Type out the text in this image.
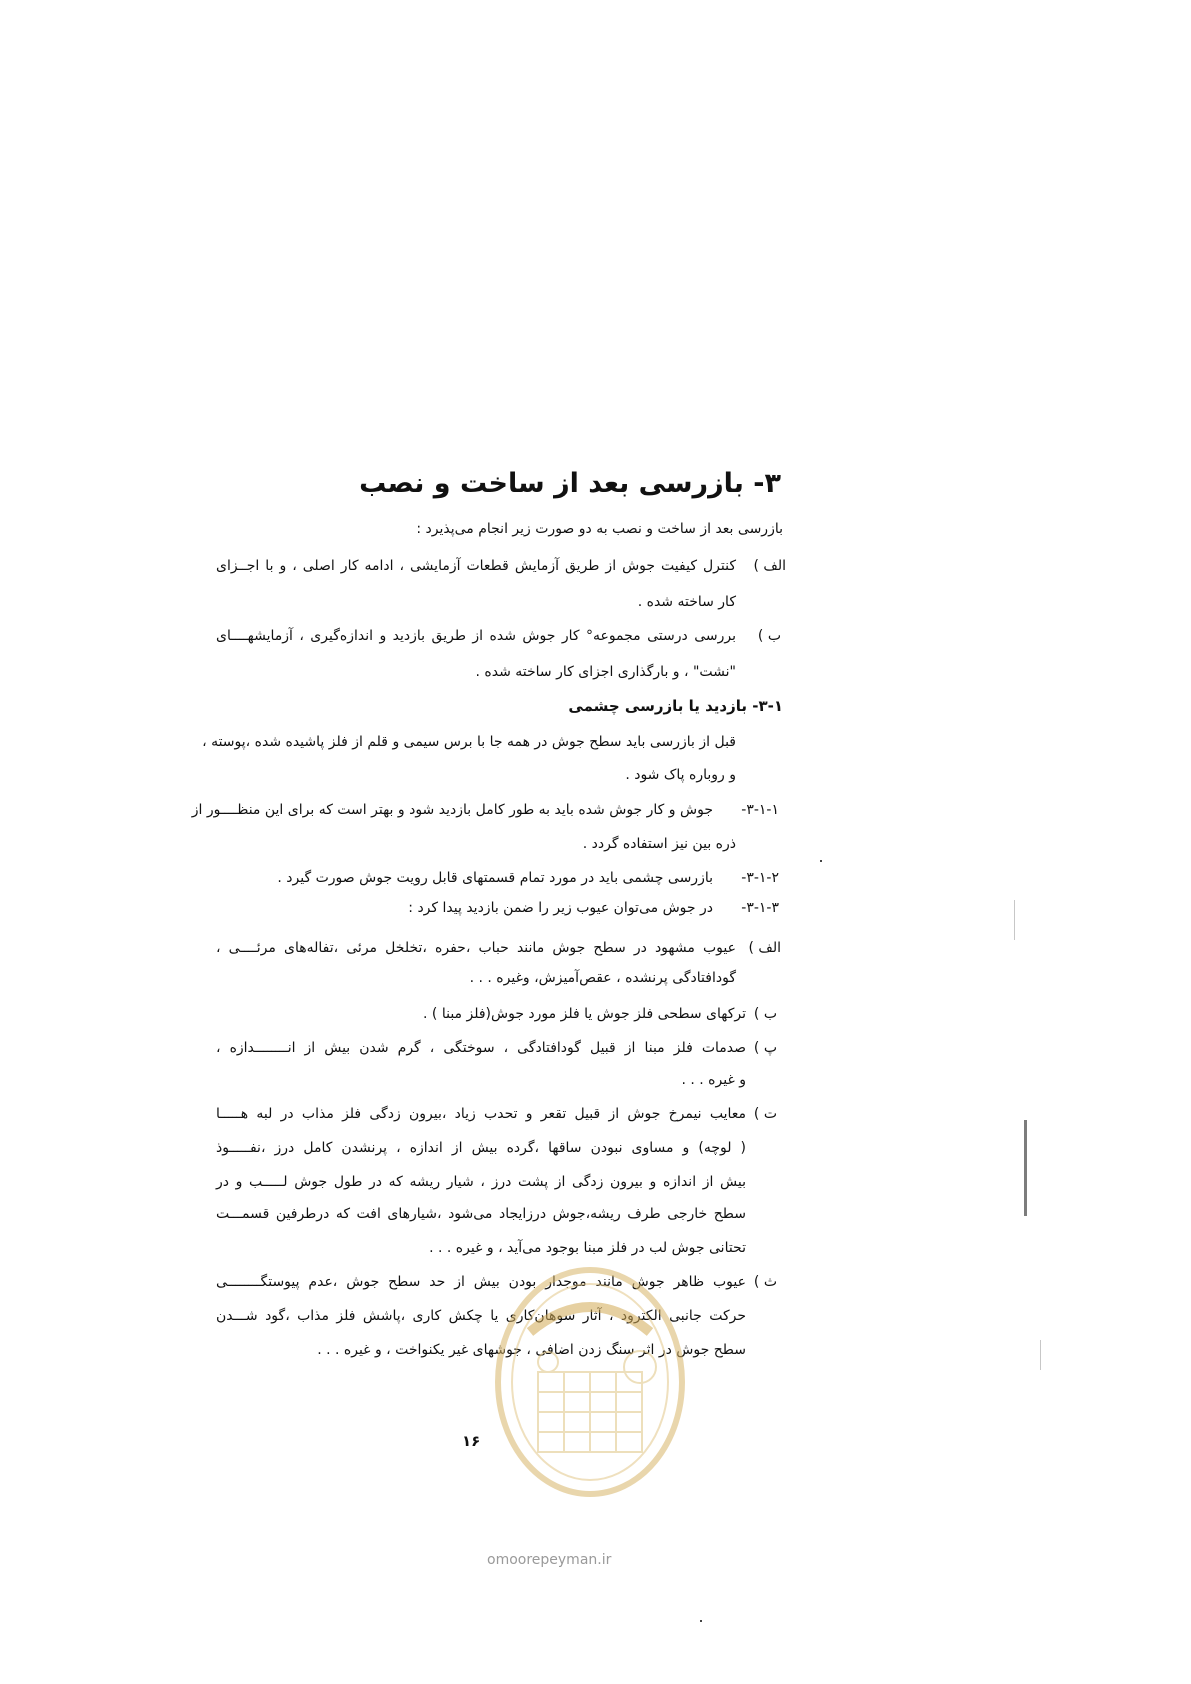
۳- بازرسی بعد از ساخت و نصب
بازرسی بعد از ساخت و نصب به دو صورت زیر انجام می‌پذیرد :
الف )
کنترل کیفیت جوش از طریق آزمایش قطعات آزمایشی ، ادامه کار اصلی ، و با اجــزای
کار ساخته شده .
ب )
بررسی درستی مجموعه° کار جوش شده از طریق بازدید و اندازه‌گیری ، آزمایشهــــای
"نشت" ، و بارگذاری اجزای کار ساخته شده .
۳-۱- بازدید یا بازرسی چشمی
قبل از بازرسی باید سطح جوش در همه جا با برس سیمی و قلم از فلز پاشیده شده ،پوسته ،
و روباره پاک شود .
۳-۱-۱-
جوش و کار جوش شده باید به طور کامل بازدید شود و بهتر است که برای این منظــــور از
ذره بین نیز استفاده گردد .
۳-۱-۲-
بازرسی چشمی باید در مورد تمام قسمتهای قابل رویت جوش صورت گیرد .
۳-۱-۳-
در جوش می‌توان عیوب زیر را ضمن بازدید پیدا کرد :
الف )
عیوب مشهود در سطح جوش مانند حباب ،حفره ،تخلخل مرئی ،تفاله‌های مرئــــی ،
گودافتادگی پرنشده ، عقص‌آمیزش، وغیره . . .
ب )
ترکهای سطحی فلز جوش یا فلز مورد جوش(فلز مبنا ) .
پ )
صدمات فلز مبنا از قبیل گودافتادگی ، سوختگی ، گرم شدن بیش از انــــــــدازه ،
و غیره . . .
ت )
معایب نیمرخ جوش از قبیل تقعر و تحدب زیاد ،بیرون زدگی فلز مذاب در لبه هـــــا
( لوچه) و مساوی نبودن ساقها ،گرده بیش از اندازه ، پرنشدن کامل درز ،نفـــــوذ
بیش از اندازه و بیرون زدگی از پشت درز ، شیار ریشه که در طول جوش لـــــب و در
سطح خارجی طرف ریشه،جوش درزایجاد می‌شود ،شیارهای افت که درطرفین قسمـــت
تحتانی جوش لب در فلز مبنا بوجود می‌آید ، و غیره . . .
ث )
عیوب ظاهر جوش مانند موجدار بودن بیش از حد سطح جوش ،عدم پیوستگــــــــی
حرکت جانبی الکترود ، آثار سوهان‌کاری یا چکش کاری ،پاشش فلز مذاب ،گود شـــدن
سطح جوش در اثر سنگ زدن اضافی ، جوشهای غیر یکنواخت ، و غیره . . .
۱۶
omoorepeyman.ir
